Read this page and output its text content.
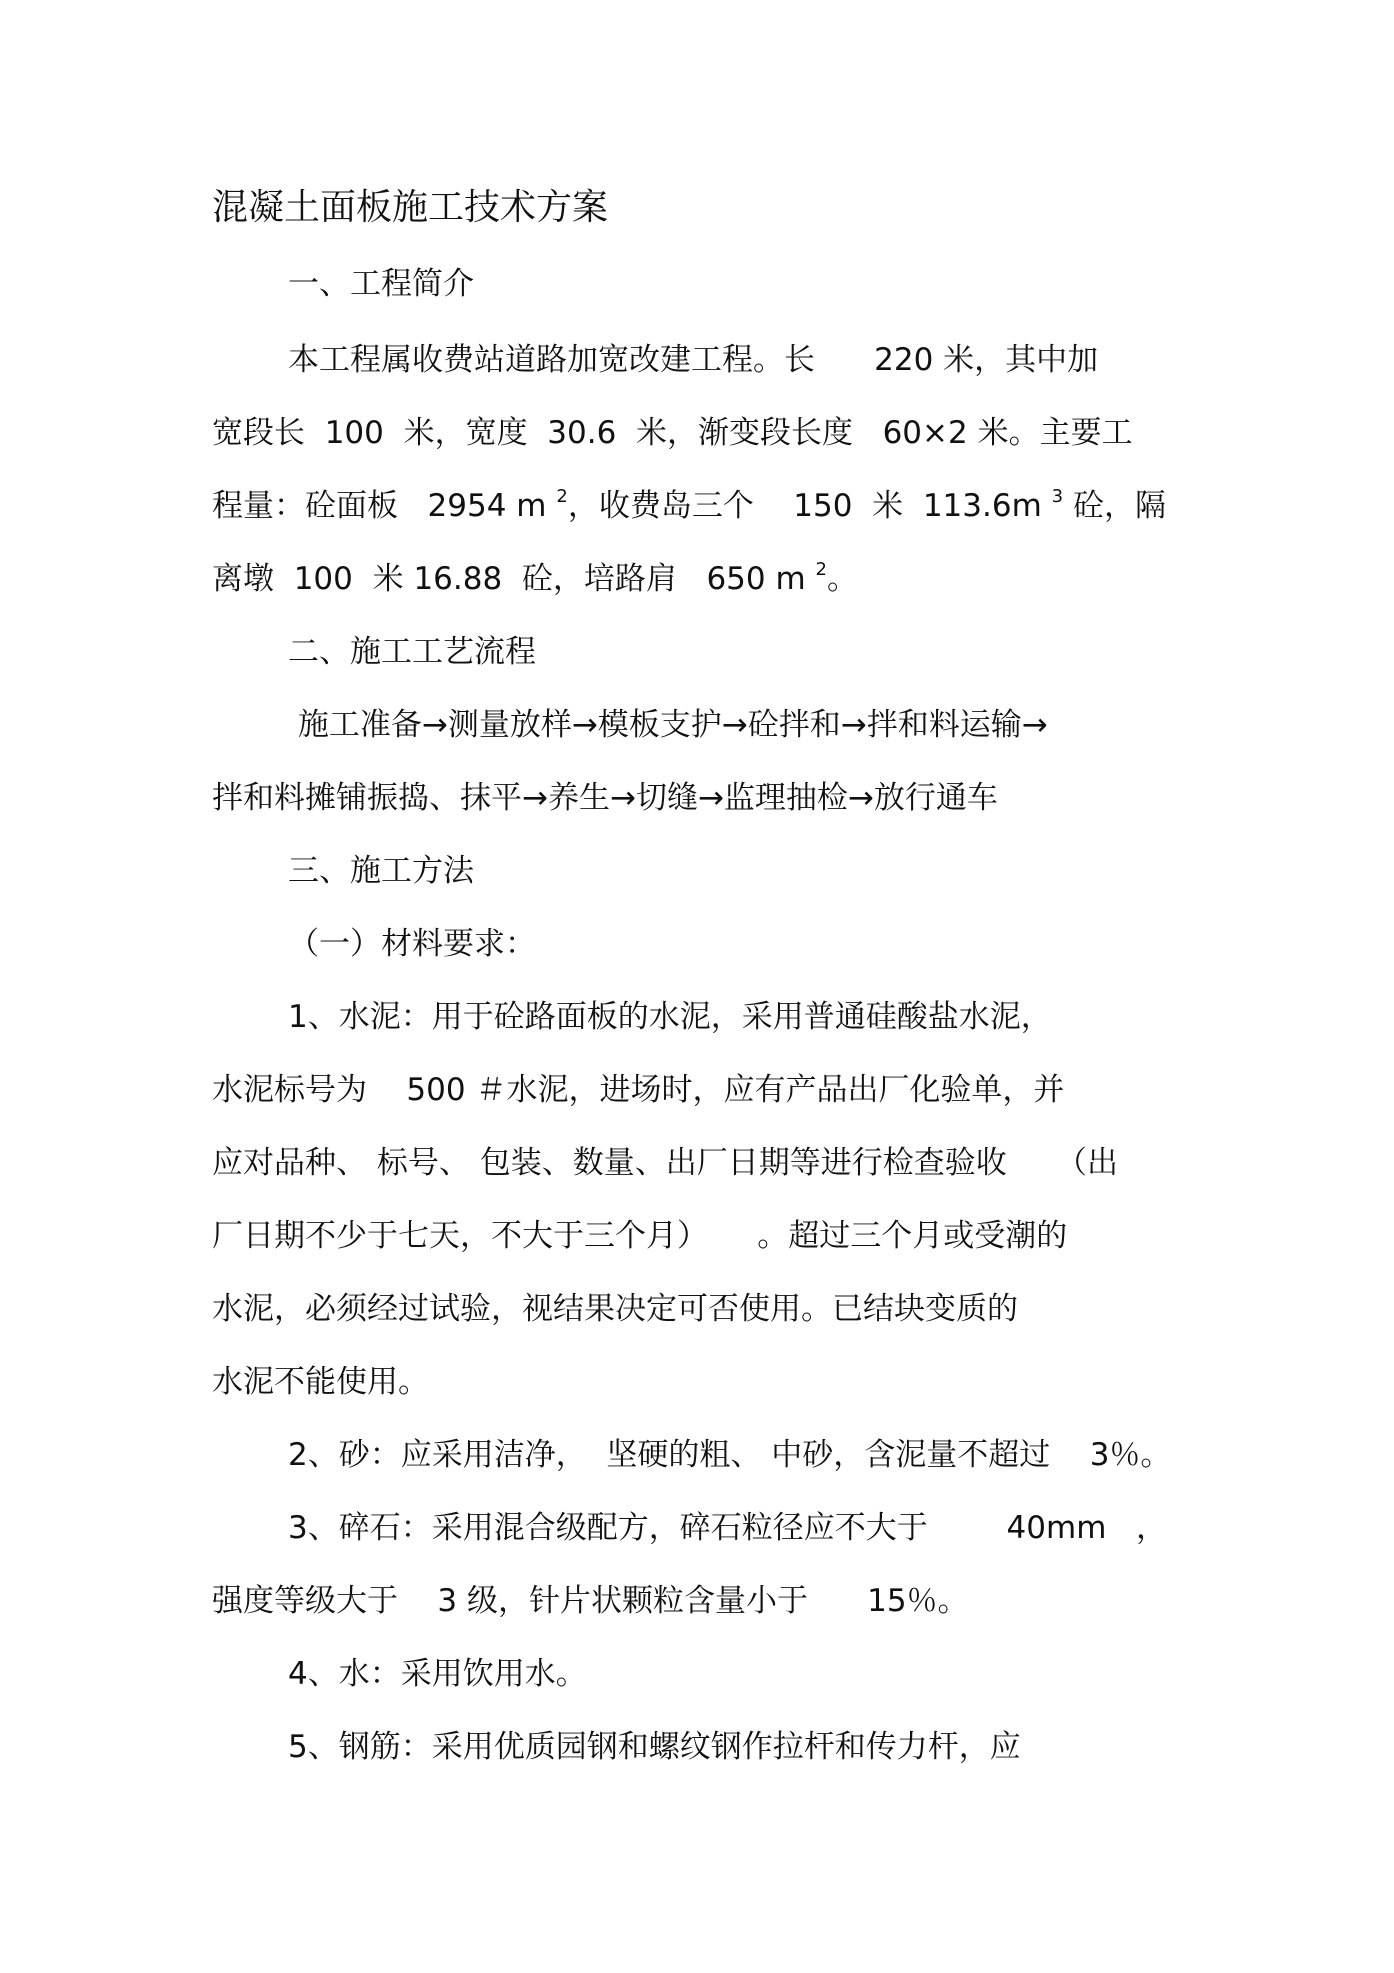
混凝土面板施工技术方案
一、工程简介
本工程属收费站道路加宽改建工程。长      220 米，其中加
宽段长  100  米，宽度  30.6  米，渐变段长度   60×2 米。主要工
程量：砼面板   2954 m $^2$，收费岛三个    150  米  113.6m $^3$ 砼，隔
离墩  100  米 16.88  砼，培路肩   650 m $^2$。
二、施工工艺流程
施工准备→测量放样→模板支护→砼拌和→拌和料运输→
拌和料摊铺振捣、抹平→养生→切缝→监理抽检→放行通车
三、施工方法
（一）材料要求：
1、水泥：用于砼路面板的水泥，采用普通硅酸盐水泥，
水泥标号为    500 ＃水泥，进场时，应有产品出厂化验单，并
应对品种、 标号、 包装、数量、出厂日期等进行检查验收     （出
厂日期不少于七天，不大于三个月）     。超过三个月或受潮的
水泥，必须经过试验，视结果决定可否使用。已结块变质的
水泥不能使用。
2、砂：应采用洁净，  坚硬的粗、 中砂，含泥量不超过    3％。
3、碎石：采用混合级配方，碎石粒径应不大于        40mm   ，
强度等级大于    3 级，针片状颗粒含量小于      15％。
4、水：采用饮用水。
5、钢筋：采用优质园钢和螺纹钢作拉杆和传力杆，应
